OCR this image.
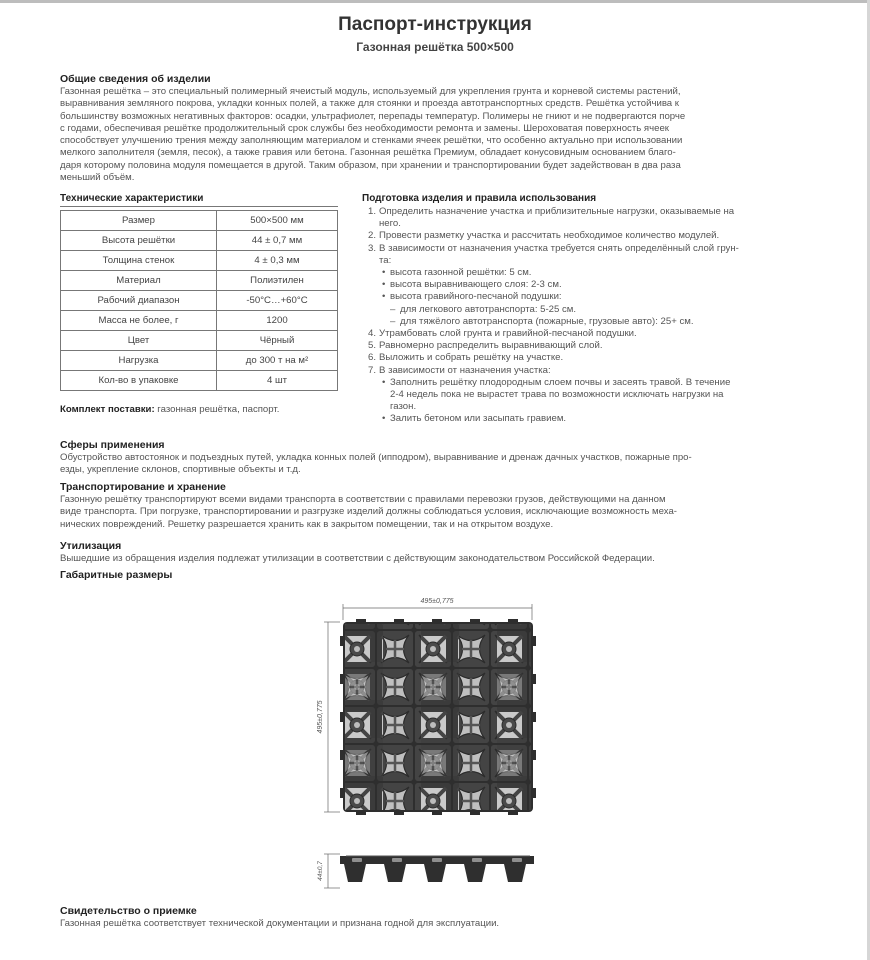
Паспорт-инструкция
Газонная решётка 500×500
Общие сведения об изделии
Газонная решётка – это специальный полимерный ячеистый модуль, используемый для укрепления грунта и корневой системы растений,
выравнивания земляного покрова, укладки конных полей, а также для стоянки и проезда автотранспортных средств. Решётка устойчива к
большинству возможных негативных факторов: осадки, ультрафиолет, перепады температур. Полимеры не гниют и не подвергаются порче
с годами, обеспечивая решётке продолжительный срок службы без необходимости ремонта и замены. Шероховатая поверхность ячеек
способствует улучшению трения между заполняющим материалом и стенками ячеек решётки, что особенно актуально при использовании
мелкого заполнителя (земля, песок), а также гравия или бетона. Газонная решётка Премиум, обладает конусовидным основанием благо-
даря которому половина модуля помещается в другой. Таким образом, при хранении и транспортировании будет задействован в два раза
меньший объём.
Технические характеристики
Размер	500×500 мм
Высота решётки	44 ± 0,7 мм
Толщина стенок	4 ± 0,3 мм
Материал	Полиэтилен
Рабочий диапазон	-50°С…+60°С
Масса не более, г	1200
Цвет	Чёрный
Нагрузка	до 300 т на м²
Кол-во в упаковке	4 шт
Комплект поставки: газонная решётка, паспорт.
Подготовка изделия и правила использования
1. Определить назначение участка и приблизительные нагрузки, оказываемые на
него.
2. Провести разметку участка и рассчитать необходимое количество модулей.
3. В зависимости от назначения участка требуется снять определённый слой грун-
та:
• высота газонной решётки: 5 см.
• высота выравнивающего слоя: 2-3 см.
• высота гравийного-песчаной подушки:
– для легкового автотранспорта: 5-25 см.
– для тяжёлого автотранспорта (пожарные, грузовые авто): 25+ см.
4. Утрамбовать слой грунта и гравийной-песчаной подушки.
5. Равномерно распределить выравнивающий слой.
6. Выложить и собрать решётку на участке.
7. В зависимости от назначения участка:
• Заполнить решётку плодородным слоем почвы и засеять травой. В течение
2-4 недель пока не вырастет трава по возможности исключать нагрузки на
газон.
• Залить бетоном или засыпать гравием.
Сферы применения
Обустройство автостоянок и подъездных путей, укладка конных полей (ипподром), выравнивание и дренаж дачных участков, пожарные про-
езды, укрепление склонов, спортивные объекты и т.д.
Транспортирование и хранение
Газонную решётку транспортируют всеми видами транспорта в соответствии с правилами перевозки грузов, действующими на данном
виде транспорта. При погрузке, транспортировании и разгрузке изделий должны соблюдаться условия, исключающие возможность меха-
нических повреждений. Решетку разрешается хранить как в закрытом помещении, так и на открытом воздухе.
Утилизация
Вышедшие из обращения изделия подлежат утилизации в соответствии с действующим законодательством Российской Федерации.
Габаритные размеры
495±0,775
495±0,775
44±0,7
Свидетельство о приемке
Газонная решётка соответствует технической документации и признана годной для эксплуатации.
